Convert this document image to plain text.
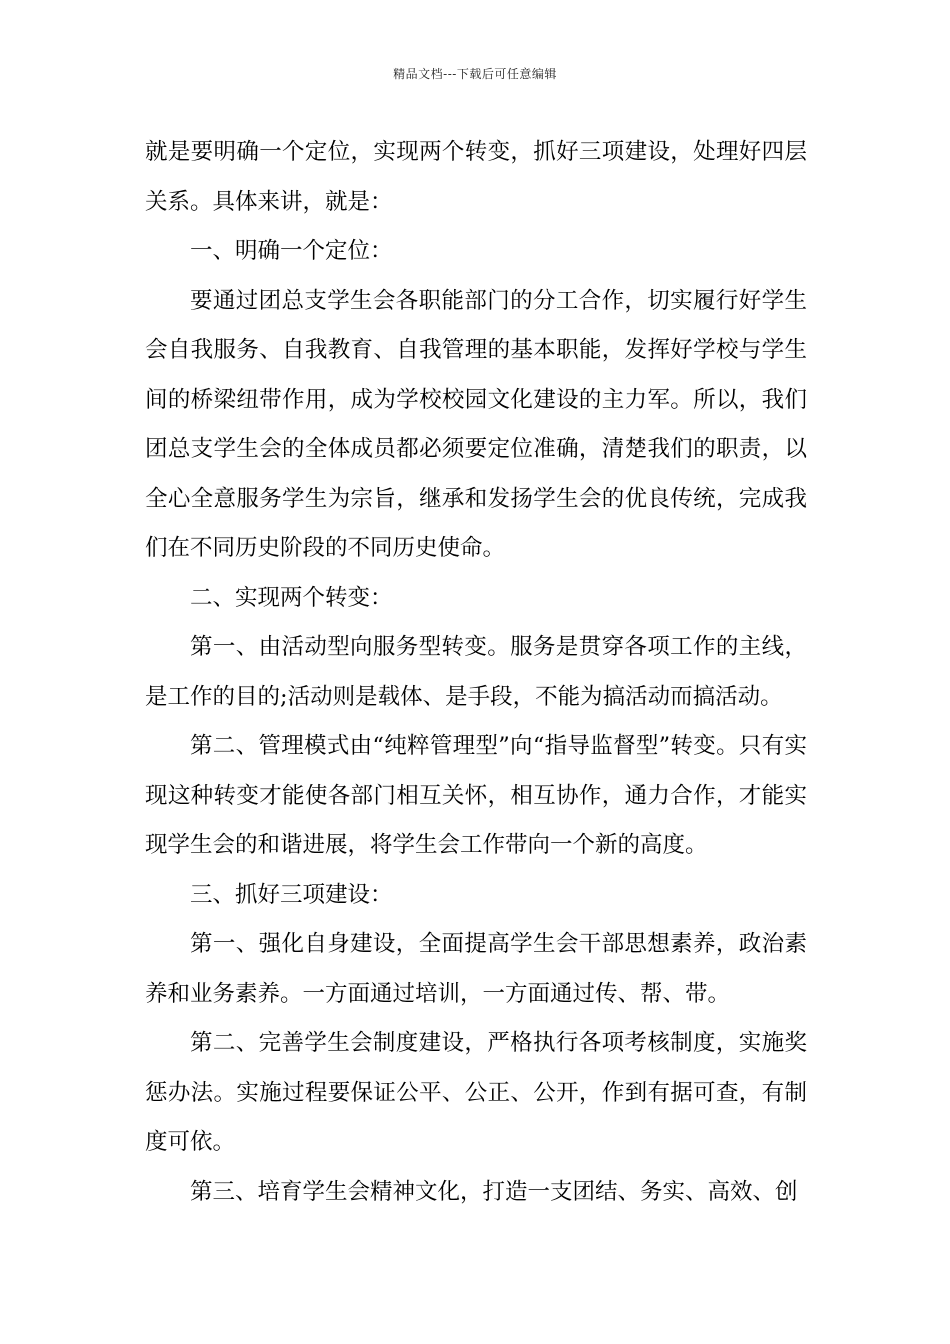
精品文档---下载后可任意编辑

就是要明确一个定位，实现两个转变，抓好三项建设，处理好四层关系。具体来讲，就是：

一、明确一个定位：

要通过团总支学生会各职能部门的分工合作，切实履行好学生会自我服务、自我教育、自我管理的基本职能，发挥好学校与学生间的桥梁纽带作用，成为学校校园文化建设的主力军。所以，我们团总支学生会的全体成员都必须要定位准确，清楚我们的职责，以全心全意服务学生为宗旨，继承和发扬学生会的优良传统，完成我们在不同历史阶段的不同历史使命。

二、实现两个转变：

第一、由活动型向服务型转变。服务是贯穿各项工作的主线，是工作的目的;活动则是载体、是手段，不能为搞活动而搞活动。

第二、管理模式由“纯粹管理型”向“指导监督型”转变。只有实现这种转变才能使各部门相互关怀，相互协作，通力合作，才能实现学生会的和谐进展，将学生会工作带向一个新的高度。

三、抓好三项建设：

第一、强化自身建设，全面提高学生会干部思想素养，政治素养和业务素养。一方面通过培训，一方面通过传、帮、带。

第二、完善学生会制度建设，严格执行各项考核制度，实施奖惩办法。实施过程要保证公平、公正、公开，作到有据可查，有制度可依。

第三、培育学生会精神文化，打造一支团结、务实、高效、创
